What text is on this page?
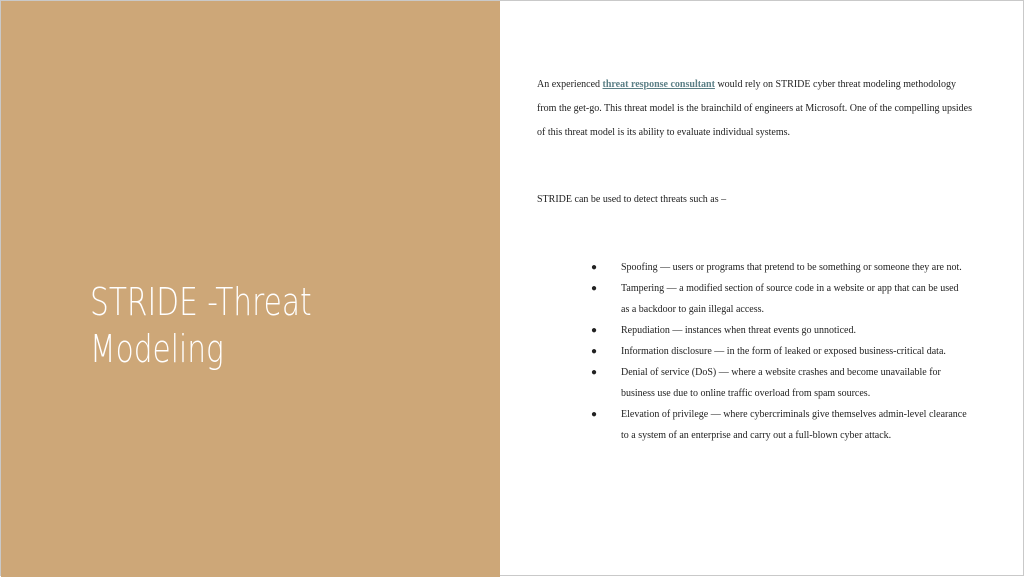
STRIDE -Threat
Modeling

An experienced threat response consultant would rely on STRIDE cyber threat modeling methodology from the get-go. This threat model is the brainchild of engineers at Microsoft. One of the compelling upsides of this threat model is its ability to evaluate individual systems.

STRIDE can be used to detect threats such as –

● Spoofing — users or programs that pretend to be something or someone they are not.
● Tampering — a modified section of source code in a website or app that can be used as a backdoor to gain illegal access.
● Repudiation — instances when threat events go unnoticed.
● Information disclosure — in the form of leaked or exposed business-critical data.
● Denial of service (DoS) — where a website crashes and become unavailable for business use due to online traffic overload from spam sources.
● Elevation of privilege — where cybercriminals give themselves admin-level clearance to a system of an enterprise and carry out a full-blown cyber attack.
